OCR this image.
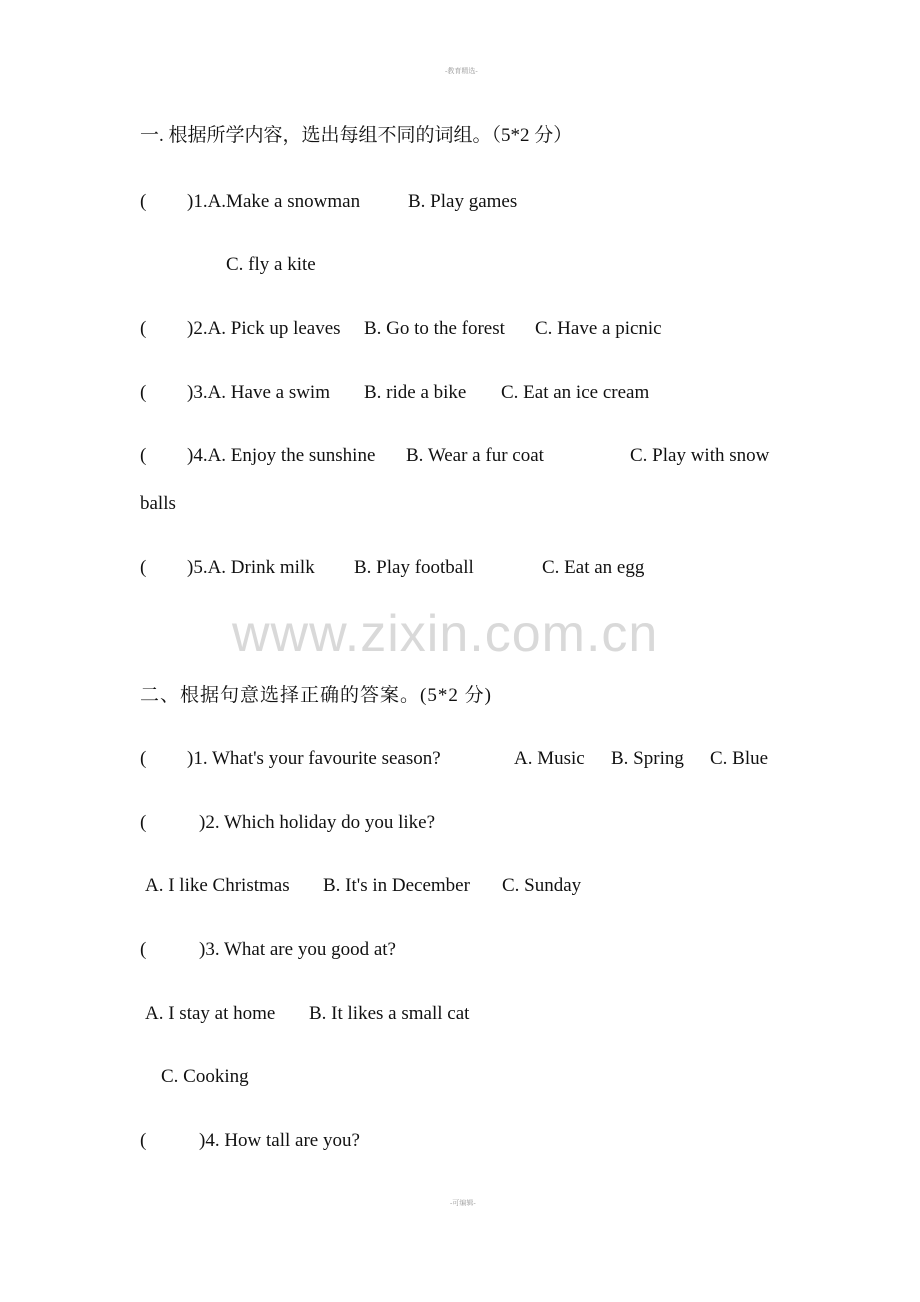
-教育精选-
一. 根据所学内容，选出每组不同的词组。（5*2 分）
( )1.A.Make a snowman	B. Play games
C. fly a kite
( )2.A. Pick up leaves B. Go to the forest C. Have a picnic
( )3.A. Have a swim B. ride a bike C. Eat an ice cream
( )4.A. Enjoy the sunshine B. Wear a fur coat	C. Play with snow
balls
( )5.A. Drink milk B. Play football	C. Eat an egg
www.zixin.com.cn
二、根据句意选择正确的答案。(5*2 分)
( )1. What's your favourite season?	A. Music B. Spring C. Blue
(	)2. Which holiday do you like?
A. I like Christmas B. It's in December C. Sunday
(	)3. What are you good at?
A. I stay at home B. It likes a small cat
C. Cooking
(	)4. How tall are you?
-可编辑-
